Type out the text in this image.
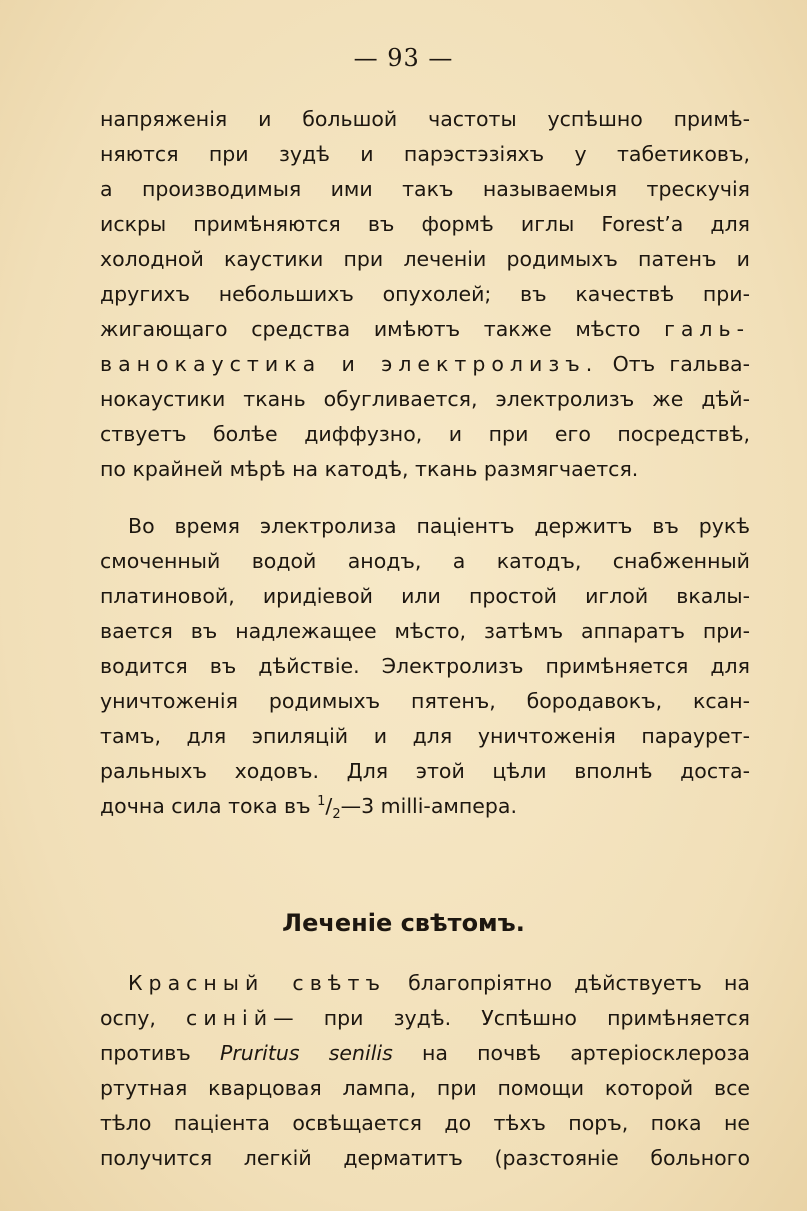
— 93 —
напряженія и большой частоты успѣшно примѣ-
няются при зудѣ и парэстэзіяхъ у табетиковъ,
а производимыя ими такъ называемыя трескучія
искры примѣняются въ формѣ иглы Forest’a для
холодной каустики при леченіи родимыхъ патенъ и
другихъ небольшихъ опухолей; въ качествѣ при-
жигающаго средства имѣютъ также мѣсто галь-
ванокаустика и электролизъ. Отъ гальва-
нокаустики ткань обугливается, электролизъ же дѣй-
ствуетъ болѣе диффузно, и при его посредствѣ,
по крайней мѣрѣ на катодѣ, ткань размягчается.
Во время электролиза паціентъ держитъ въ рукѣ
смоченный водой анодъ, а катодъ, снабженный
платиновой, иридіевой или простой иглой вкалы-
вается въ надлежащее мѣсто, затѣмъ аппаратъ при-
водится въ дѣйствіе. Электролизъ примѣняется для
уничтоженія родимыхъ пятенъ, бородавокъ, ксан-
тамъ, для эпиляцій и для уничтоженія параурет-
ральныхъ ходовъ. Для этой цѣли вполнѣ доста-
дочна сила тока въ $^1/_2—3$ milli-ампера.
Леченіе свѣтомъ.
Красный свѣтъ благопріятно дѣйствуетъ на
оспу, синій— при зудѣ. Успѣшно примѣняется
противъ Pruritus senilis на почвѣ артеріосклероза
ртутная кварцовая лампа, при помощи которой все
тѣло паціента освѣщается до тѣхъ поръ, пока не
получится легкій дерматитъ (разстояніе больного
